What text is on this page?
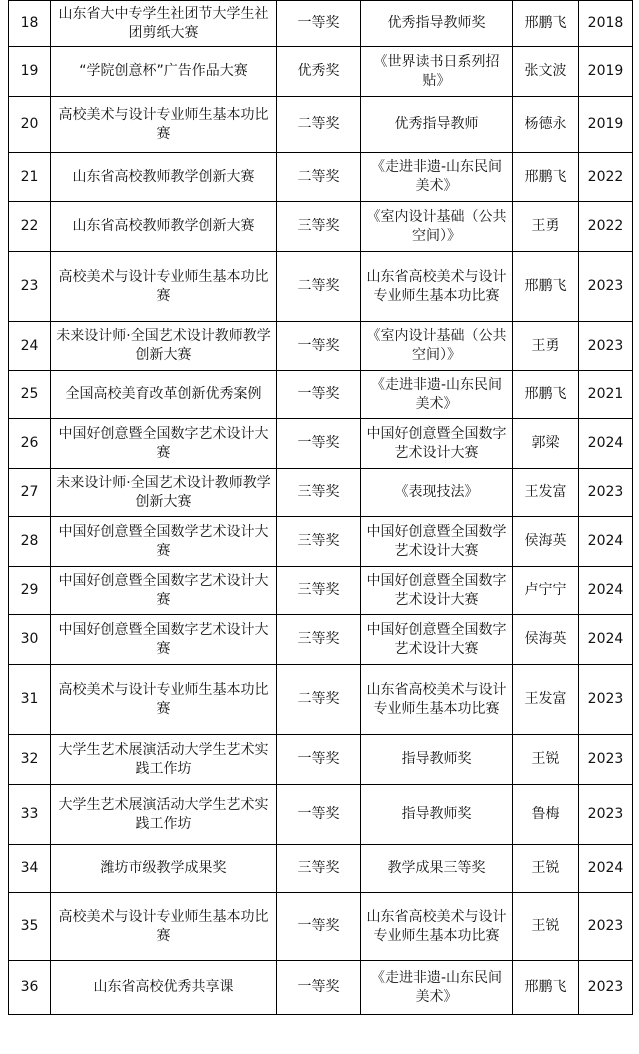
18	山东省大中专学生社团节大学生社团剪纸大赛	一等奖	优秀指导教师奖	邢鹏飞	2018
19	“学院创意杯”广告作品大赛	优秀奖	《世界读书日系列招贴》	张文波	2019
20	高校美术与设计专业师生基本功比赛	二等奖	优秀指导教师	杨德永	2019
21	山东省高校教师教学创新大赛	二等奖	《走进非遗-山东民间美术》	邢鹏飞	2022
22	山东省高校教师教学创新大赛	三等奖	《室内设计基础（公共空间）》	王勇	2022
23	高校美术与设计专业师生基本功比赛	二等奖	山东省高校美术与设计专业师生基本功比赛	邢鹏飞	2023
24	未来设计师·全国艺术设计教师教学创新大赛	一等奖	《室内设计基础（公共空间）》	王勇	2023
25	全国高校美育改革创新优秀案例	一等奖	《走进非遗-山东民间美术》	邢鹏飞	2021
26	中国好创意暨全国数字艺术设计大赛	一等奖	中国好创意暨全国数字艺术设计大赛	郭梁	2024
27	未来设计师·全国艺术设计教师教学创新大赛	三等奖	《表现技法》	王发富	2023
28	中国好创意暨全国数学艺术设计大赛	三等奖	中国好创意暨全国数学艺术设计大赛	侯海英	2024
29	中国好创意暨全国数字艺术设计大赛	三等奖	中国好创意暨全国数字艺术设计大赛	卢宁宁	2024
30	中国好创意暨全国数字艺术设计大赛	三等奖	中国好创意暨全国数字艺术设计大赛	侯海英	2024
31	高校美术与设计专业师生基本功比赛	二等奖	山东省高校美术与设计专业师生基本功比赛	王发富	2023
32	大学生艺术展演活动大学生艺术实践工作坊	一等奖	指导教师奖	王锐	2023
33	大学生艺术展演活动大学生艺术实践工作坊	一等奖	指导教师奖	鲁梅	2023
34	潍坊市级教学成果奖	三等奖	教学成果三等奖	王锐	2024
35	高校美术与设计专业师生基本功比赛	一等奖	山东省高校美术与设计专业师生基本功比赛	王锐	2023
36	山东省高校优秀共享课	一等奖	《走进非遗-山东民间美术》	邢鹏飞	2023
